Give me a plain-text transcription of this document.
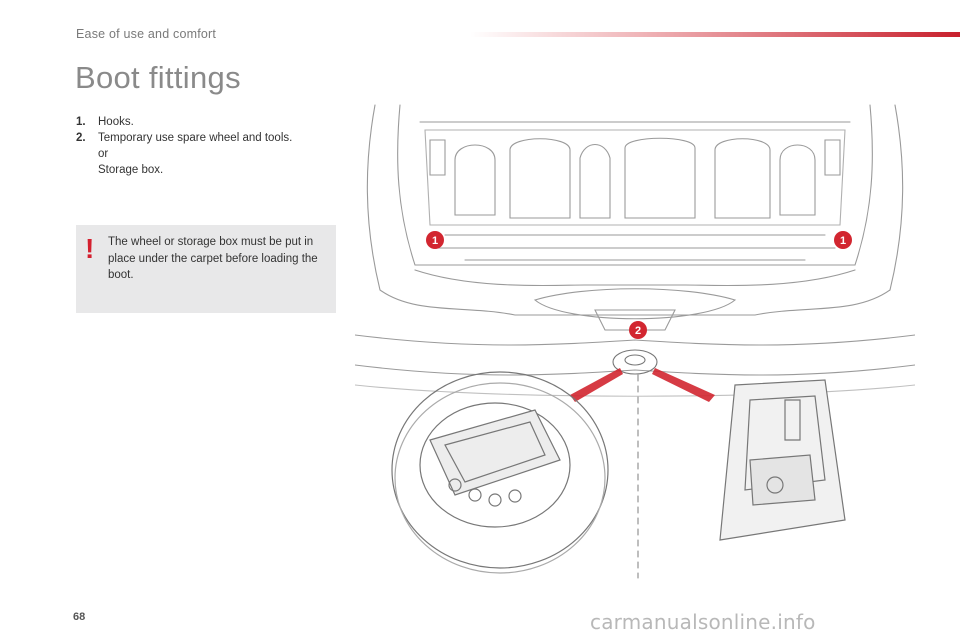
Ease of use and comfort
Boot fittings
1.	Hooks.
2.	Temporary use spare wheel and tools.
or
Storage box.
! The wheel or storage box must be put in place under the carpet before loading the boot.
1	1
2
68	carmanualsonline.info
